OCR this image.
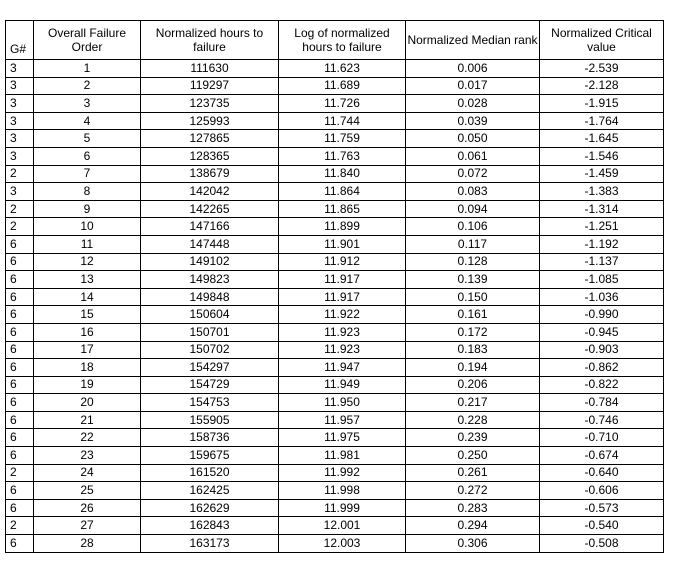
G#	Overall Failure Order	Normalized hours to failure	Log of normalized hours to failure	Normalized Median rank	Normalized Critical value
3	1	111630	11.623	0.006	-2.539
3	2	119297	11.689	0.017	-2.128
3	3	123735	11.726	0.028	-1.915
3	4	125993	11.744	0.039	-1.764
3	5	127865	11.759	0.050	-1.645
3	6	128365	11.763	0.061	-1.546
2	7	138679	11.840	0.072	-1.459
3	8	142042	11.864	0.083	-1.383
2	9	142265	11.865	0.094	-1.314
2	10	147166	11.899	0.106	-1.251
6	11	147448	11.901	0.117	-1.192
6	12	149102	11.912	0.128	-1.137
6	13	149823	11.917	0.139	-1.085
6	14	149848	11.917	0.150	-1.036
6	15	150604	11.922	0.161	-0.990
6	16	150701	11.923	0.172	-0.945
6	17	150702	11.923	0.183	-0.903
6	18	154297	11.947	0.194	-0.862
6	19	154729	11.949	0.206	-0.822
6	20	154753	11.950	0.217	-0.784
6	21	155905	11.957	0.228	-0.746
6	22	158736	11.975	0.239	-0.710
6	23	159675	11.981	0.250	-0.674
2	24	161520	11.992	0.261	-0.640
6	25	162425	11.998	0.272	-0.606
6	26	162629	11.999	0.283	-0.573
2	27	162843	12.001	0.294	-0.540
6	28	163173	12.003	0.306	-0.508
